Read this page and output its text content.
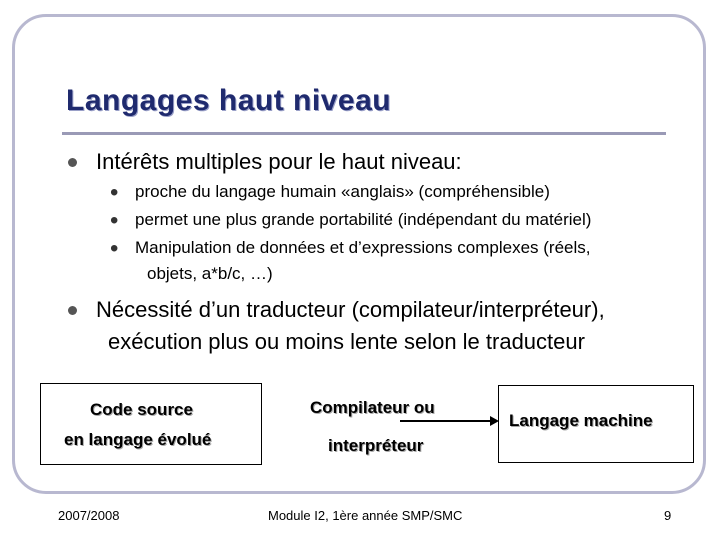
Langages haut niveau
Intérêts multiples pour le haut niveau:
• proche du langage humain «anglais» (compréhensible)
• permet une plus grande portabilité (indépendant du matériel)
• Manipulation de données et d’expressions complexes (réels,
objets, a*b/c, …)
Nécessité d’un traducteur (compilateur/interpréteur),
exécution plus ou moins lente selon le traducteur
Code source
en langage évolué
Compilateur ou
interpréteur
Langage machine
2007/2008	Module I2, 1ère année SMP/SMC	9
